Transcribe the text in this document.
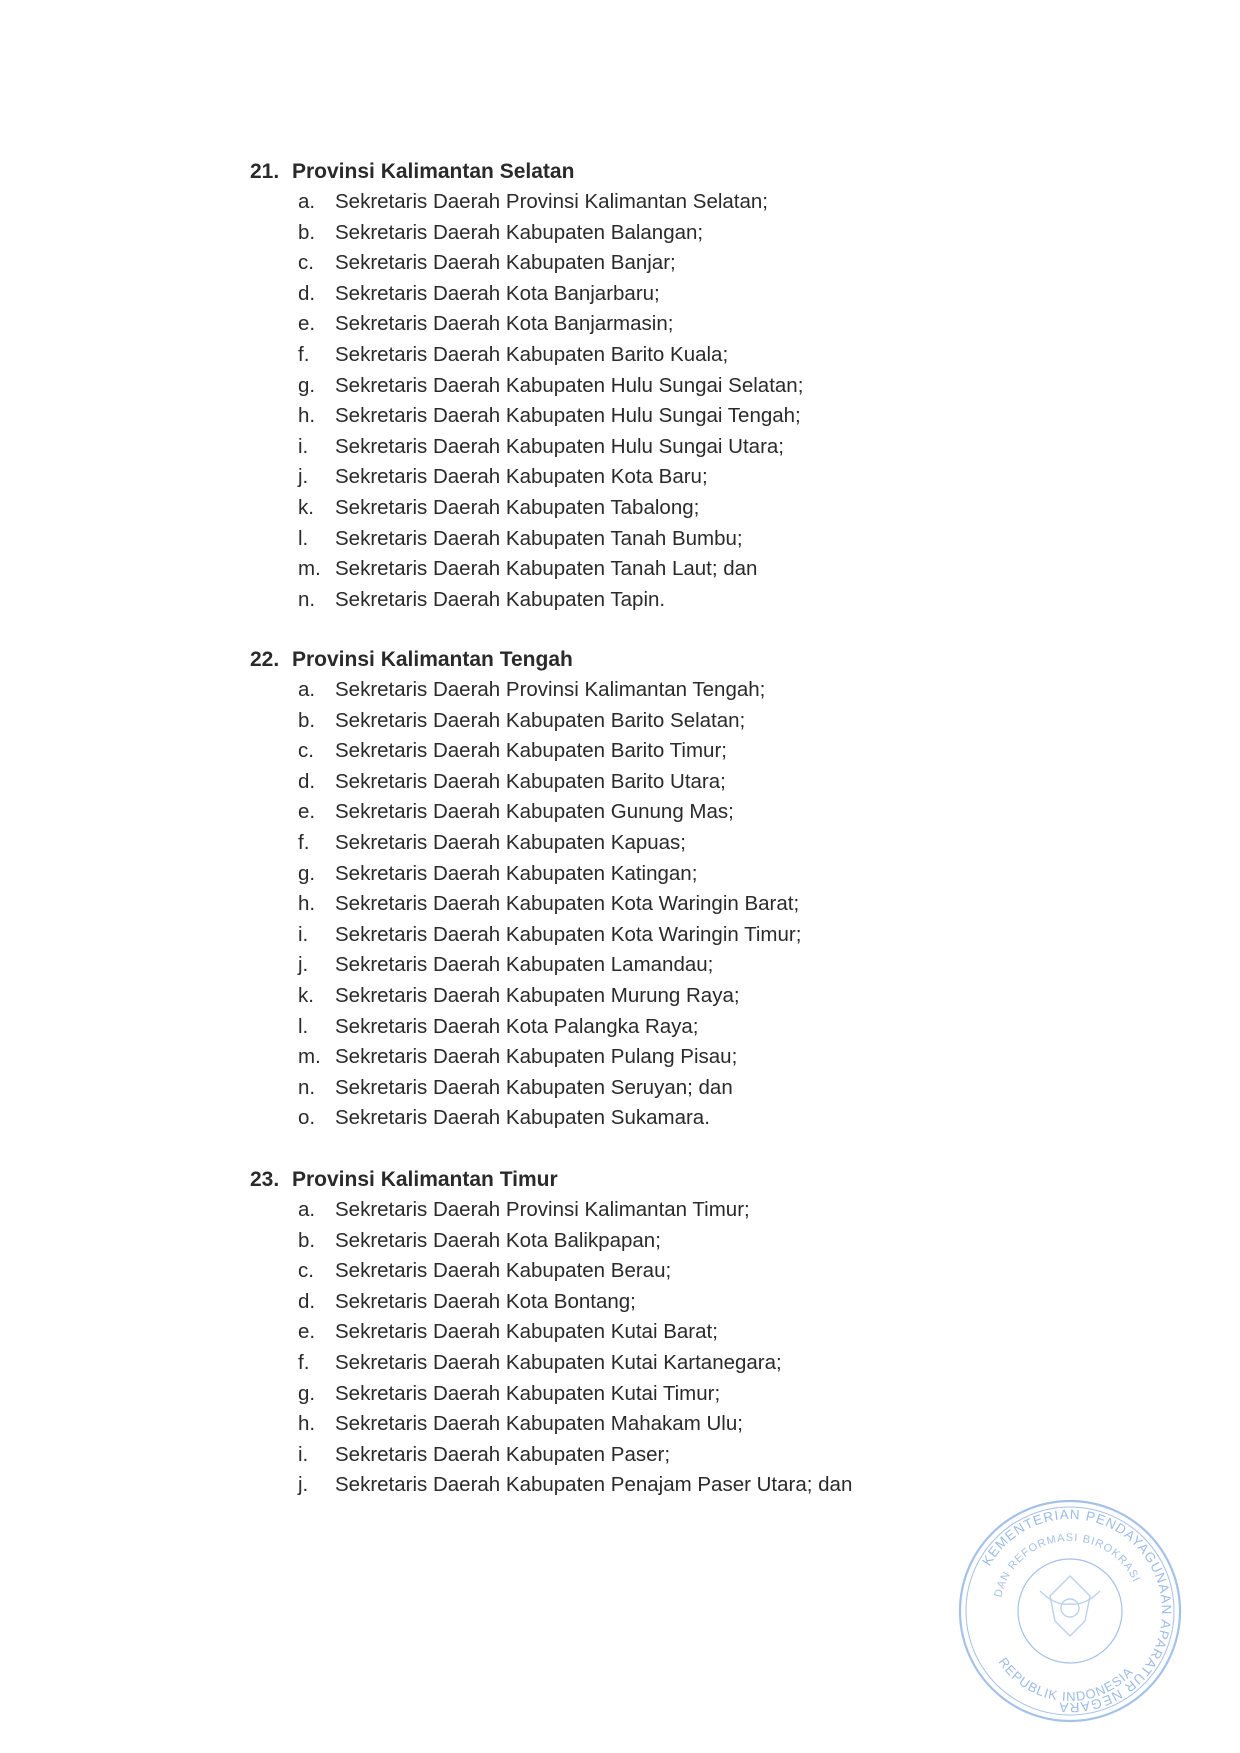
21. Provinsi Kalimantan Selatan
a. Sekretaris Daerah Provinsi Kalimantan Selatan;
b. Sekretaris Daerah Kabupaten Balangan;
c.	Sekretaris Daerah Kabupaten Banjar;
d. Sekretaris Daerah Kota Banjarbaru;
e. Sekretaris Daerah Kota Banjarmasin;
f.	Sekretaris Daerah Kabupaten Barito Kuala;
g. Sekretaris Daerah Kabupaten Hulu Sungai Selatan;
h. Sekretaris Daerah Kabupaten Hulu Sungai Tengah;
i.	Sekretaris Daerah Kabupaten Hulu Sungai Utara;
j.	Sekretaris Daerah Kabupaten Kota Baru;
k.	Sekretaris Daerah Kabupaten Tabalong;
l.	Sekretaris Daerah Kabupaten Tanah Bumbu;
m. Sekretaris Daerah Kabupaten Tanah Laut; dan
n. Sekretaris Daerah Kabupaten Tapin.
22. Provinsi Kalimantan Tengah
a. Sekretaris Daerah Provinsi Kalimantan Tengah;
b. Sekretaris Daerah Kabupaten Barito Selatan;
c.	Sekretaris Daerah Kabupaten Barito Timur;
d. Sekretaris Daerah Kabupaten Barito Utara;
e. Sekretaris Daerah Kabupaten Gunung Mas;
f.	Sekretaris Daerah Kabupaten Kapuas;
g. Sekretaris Daerah Kabupaten Katingan;
h. Sekretaris Daerah Kabupaten Kota Waringin Barat;
i.	Sekretaris Daerah Kabupaten Kota Waringin Timur;
j.	Sekretaris Daerah Kabupaten Lamandau;
k.	Sekretaris Daerah Kabupaten Murung Raya;
l.	Sekretaris Daerah Kota Palangka Raya;
m. Sekretaris Daerah Kabupaten Pulang Pisau;
n. Sekretaris Daerah Kabupaten Seruyan; dan
o. Sekretaris Daerah Kabupaten Sukamara.
23. Provinsi Kalimantan Timur
a. Sekretaris Daerah Provinsi Kalimantan Timur;
b. Sekretaris Daerah Kota Balikpapan;
c.	Sekretaris Daerah Kabupaten Berau;
d. Sekretaris Daerah Kota Bontang;
e. Sekretaris Daerah Kabupaten Kutai Barat;
f.	Sekretaris Daerah Kabupaten Kutai Kartanegara;
g. Sekretaris Daerah Kabupaten Kutai Timur;
h. Sekretaris Daerah Kabupaten Mahakam Ulu;
i.	Sekretaris Daerah Kabupaten Paser;
j.	Sekretaris Daerah Kabupaten Penajam Paser Utara; dan
KEMENTERIAN PENDAYAGUNAAN APARATUR NEGARA
DAN REFORMASI BIROKRASI
REPUBLIK INDONESIA
